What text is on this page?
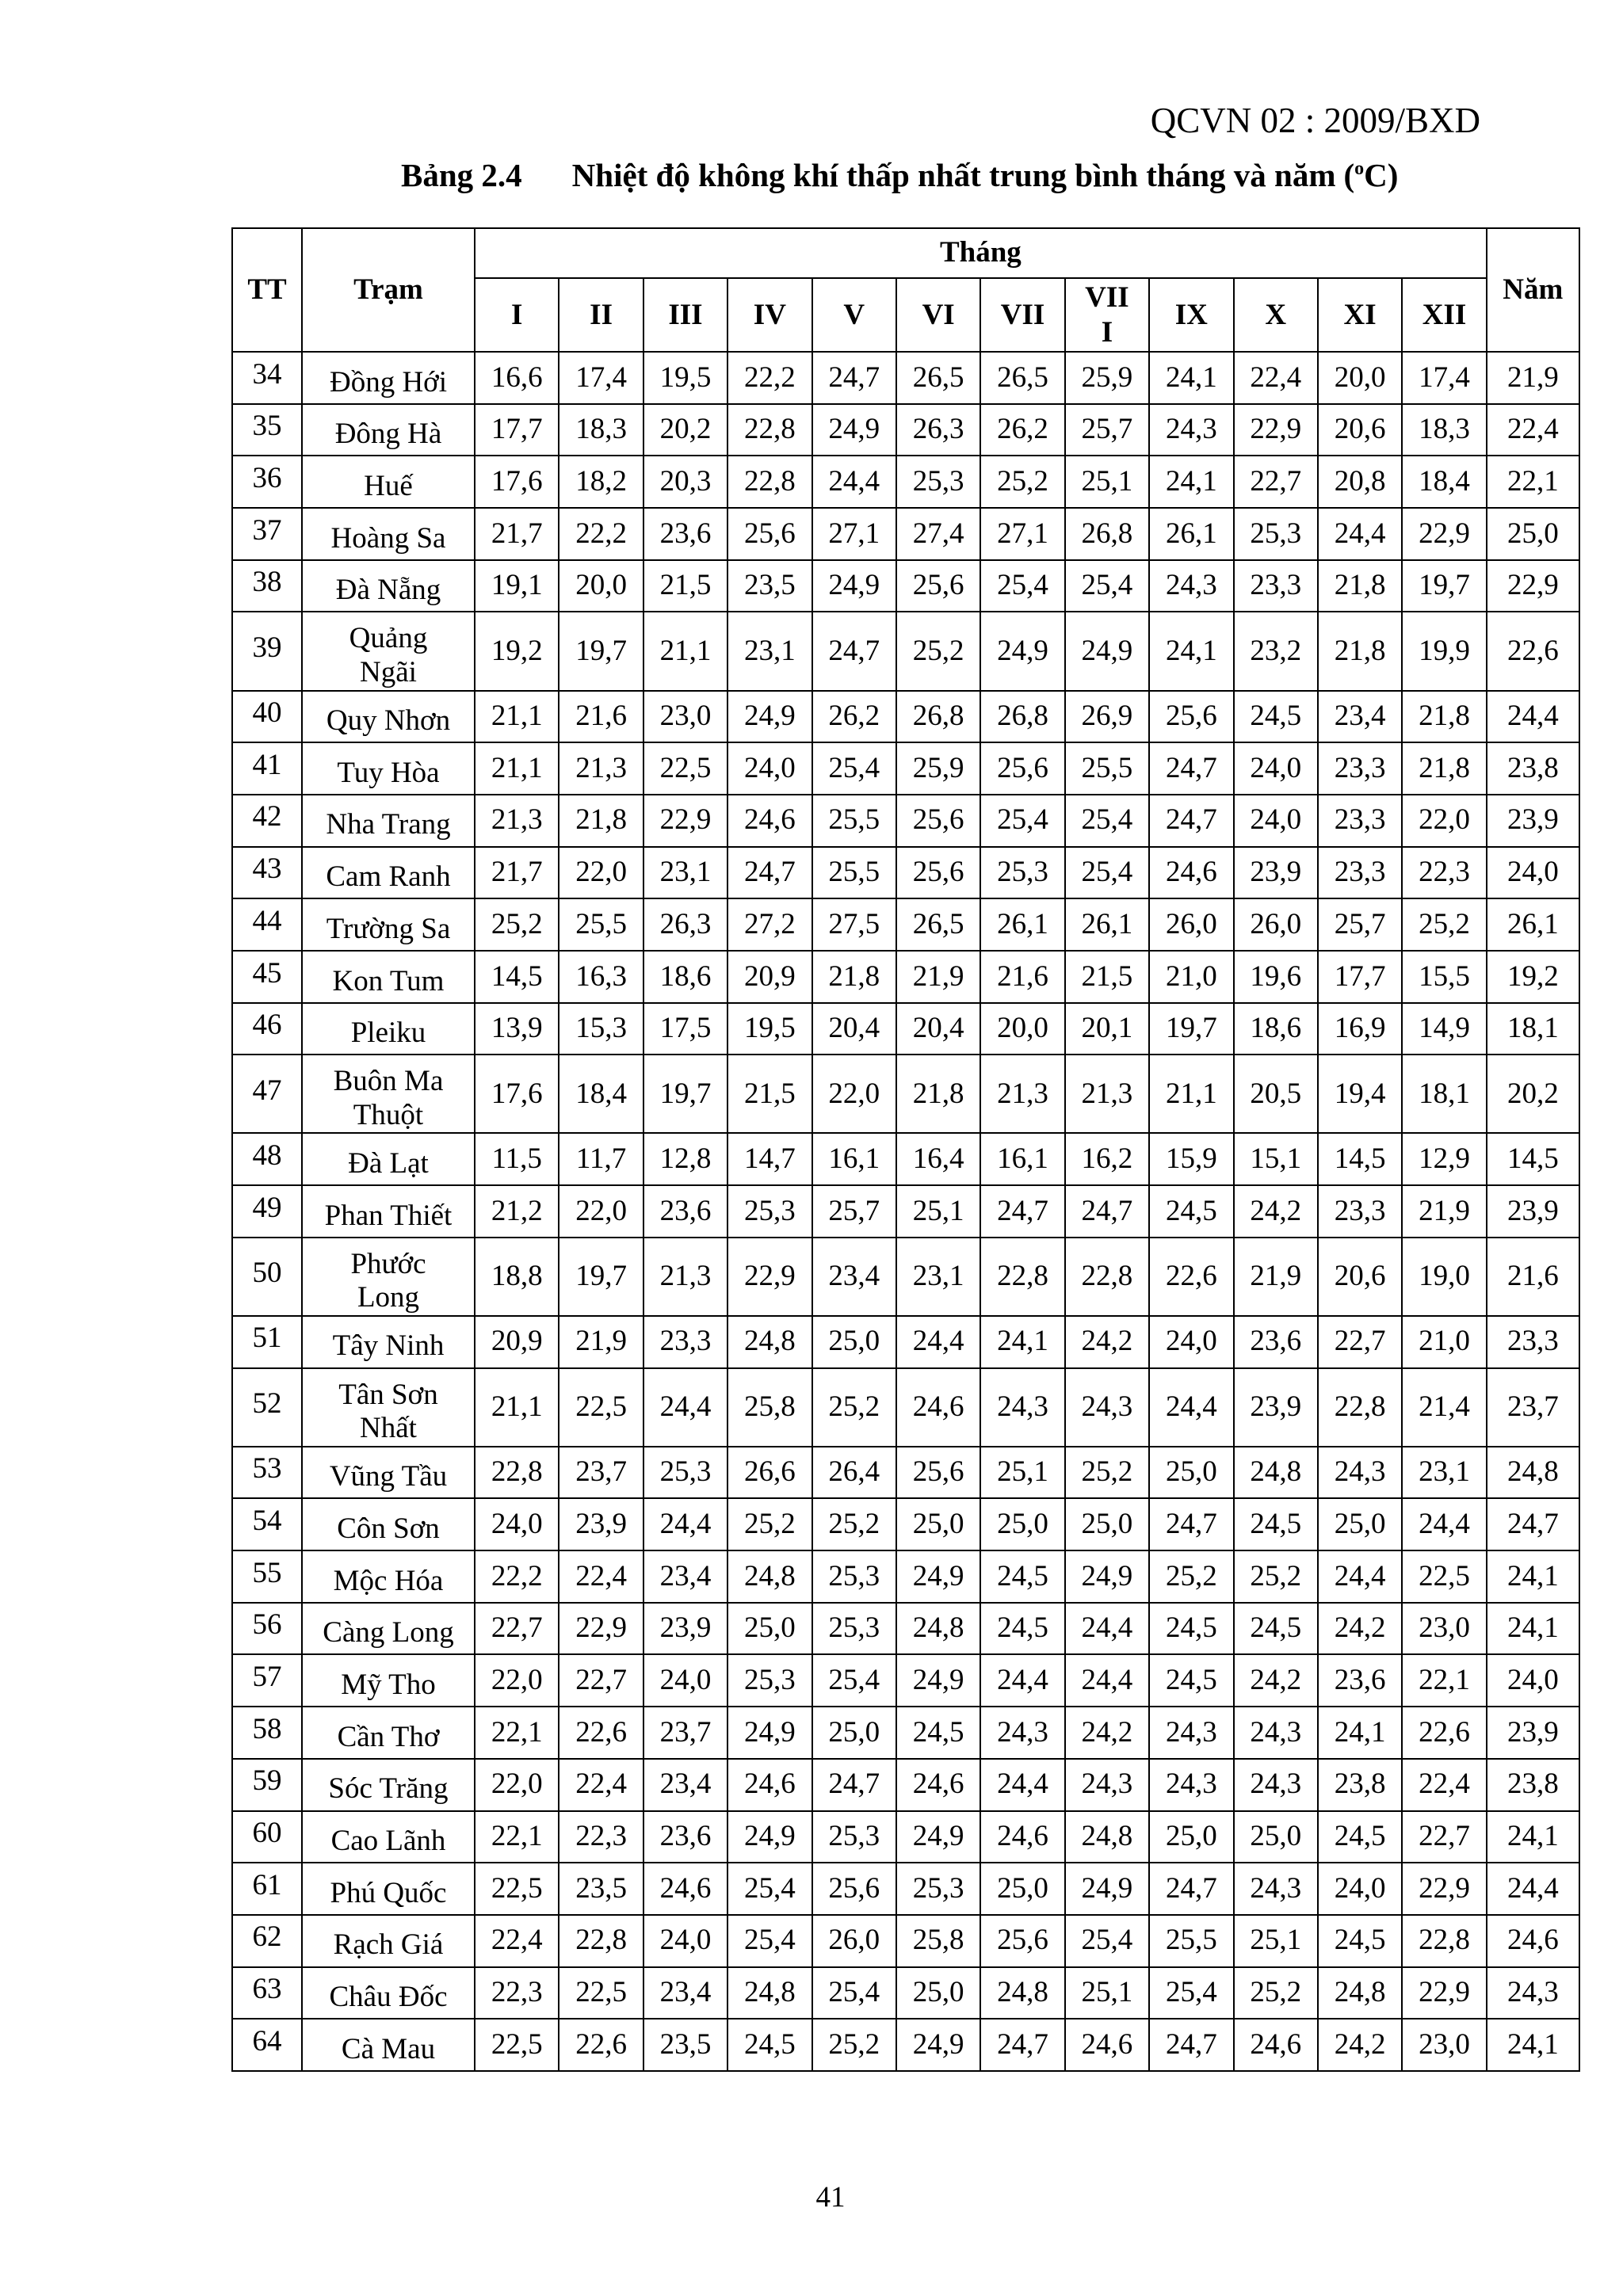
QCVN 02 : 2009/BXD
Bảng 2.4 Nhiệt độ không khí thấp nhất trung bình tháng và năm ($^o$C)
TT	Trạm	Tháng												Năm
		I	II	III	IV	V	VI	VII	VIII	IX	X	XI	XII	
34	Đồng Hới	16,6	17,4	19,5	22,2	24,7	26,5	26,5	25,9	24,1	22,4	20,0	17,4	21,9
35	Đông Hà	17,7	18,3	20,2	22,8	24,9	26,3	26,2	25,7	24,3	22,9	20,6	18,3	22,4
36	Huế	17,6	18,2	20,3	22,8	24,4	25,3	25,2	25,1	24,1	22,7	20,8	18,4	22,1
37	Hoàng Sa	21,7	22,2	23,6	25,6	27,1	27,4	27,1	26,8	26,1	25,3	24,4	22,9	25,0
38	Đà Nẵng	19,1	20,0	21,5	23,5	24,9	25,6	25,4	25,4	24,3	23,3	21,8	19,7	22,9
39	Quảng
Ngãi	19,2	19,7	21,1	23,1	24,7	25,2	24,9	24,9	24,1	23,2	21,8	19,9	22,6
40	Quy Nhơn	21,1	21,6	23,0	24,9	26,2	26,8	26,8	26,9	25,6	24,5	23,4	21,8	24,4
41	Tuy Hòa	21,1	21,3	22,5	24,0	25,4	25,9	25,6	25,5	24,7	24,0	23,3	21,8	23,8
42	Nha Trang	21,3	21,8	22,9	24,6	25,5	25,6	25,4	25,4	24,7	24,0	23,3	22,0	23,9
43	Cam Ranh	21,7	22,0	23,1	24,7	25,5	25,6	25,3	25,4	24,6	23,9	23,3	22,3	24,0
44	Trường Sa	25,2	25,5	26,3	27,2	27,5	26,5	26,1	26,1	26,0	26,0	25,7	25,2	26,1
45	Kon Tum	14,5	16,3	18,6	20,9	21,8	21,9	21,6	21,5	21,0	19,6	17,7	15,5	19,2
46	Pleiku	13,9	15,3	17,5	19,5	20,4	20,4	20,0	20,1	19,7	18,6	16,9	14,9	18,1
47	Buôn Ma
Thuột	17,6	18,4	19,7	21,5	22,0	21,8	21,3	21,3	21,1	20,5	19,4	18,1	20,2
48	Đà Lạt	11,5	11,7	12,8	14,7	16,1	16,4	16,1	16,2	15,9	15,1	14,5	12,9	14,5
49	Phan Thiết	21,2	22,0	23,6	25,3	25,7	25,1	24,7	24,7	24,5	24,2	23,3	21,9	23,9
50	Phước
Long	18,8	19,7	21,3	22,9	23,4	23,1	22,8	22,8	22,6	21,9	20,6	19,0	21,6
51	Tây Ninh	20,9	21,9	23,3	24,8	25,0	24,4	24,1	24,2	24,0	23,6	22,7	21,0	23,3
52	Tân Sơn
Nhất	21,1	22,5	24,4	25,8	25,2	24,6	24,3	24,3	24,4	23,9	22,8	21,4	23,7
53	Vũng Tầu	22,8	23,7	25,3	26,6	26,4	25,6	25,1	25,2	25,0	24,8	24,3	23,1	24,8
54	Côn Sơn	24,0	23,9	24,4	25,2	25,2	25,0	25,0	25,0	24,7	24,5	25,0	24,4	24,7
55	Mộc Hóa	22,2	22,4	23,4	24,8	25,3	24,9	24,5	24,9	25,2	25,2	24,4	22,5	24,1
56	Càng Long	22,7	22,9	23,9	25,0	25,3	24,8	24,5	24,4	24,5	24,5	24,2	23,0	24,1
57	Mỹ Tho	22,0	22,7	24,0	25,3	25,4	24,9	24,4	24,4	24,5	24,2	23,6	22,1	24,0
58	Cần Thơ	22,1	22,6	23,7	24,9	25,0	24,5	24,3	24,2	24,3	24,3	24,1	22,6	23,9
59	Sóc Trăng	22,0	22,4	23,4	24,6	24,7	24,6	24,4	24,3	24,3	24,3	23,8	22,4	23,8
60	Cao Lãnh	22,1	22,3	23,6	24,9	25,3	24,9	24,6	24,8	25,0	25,0	24,5	22,7	24,1
61	Phú Quốc	22,5	23,5	24,6	25,4	25,6	25,3	25,0	24,9	24,7	24,3	24,0	22,9	24,4
62	Rạch Giá	22,4	22,8	24,0	25,4	26,0	25,8	25,6	25,4	25,5	25,1	24,5	22,8	24,6
63	Châu Đốc	22,3	22,5	23,4	24,8	25,4	25,0	24,8	25,1	25,4	25,2	24,8	22,9	24,3
64	Cà Mau	22,5	22,6	23,5	24,5	25,2	24,9	24,7	24,6	24,7	24,6	24,2	23,0	24,1
41
